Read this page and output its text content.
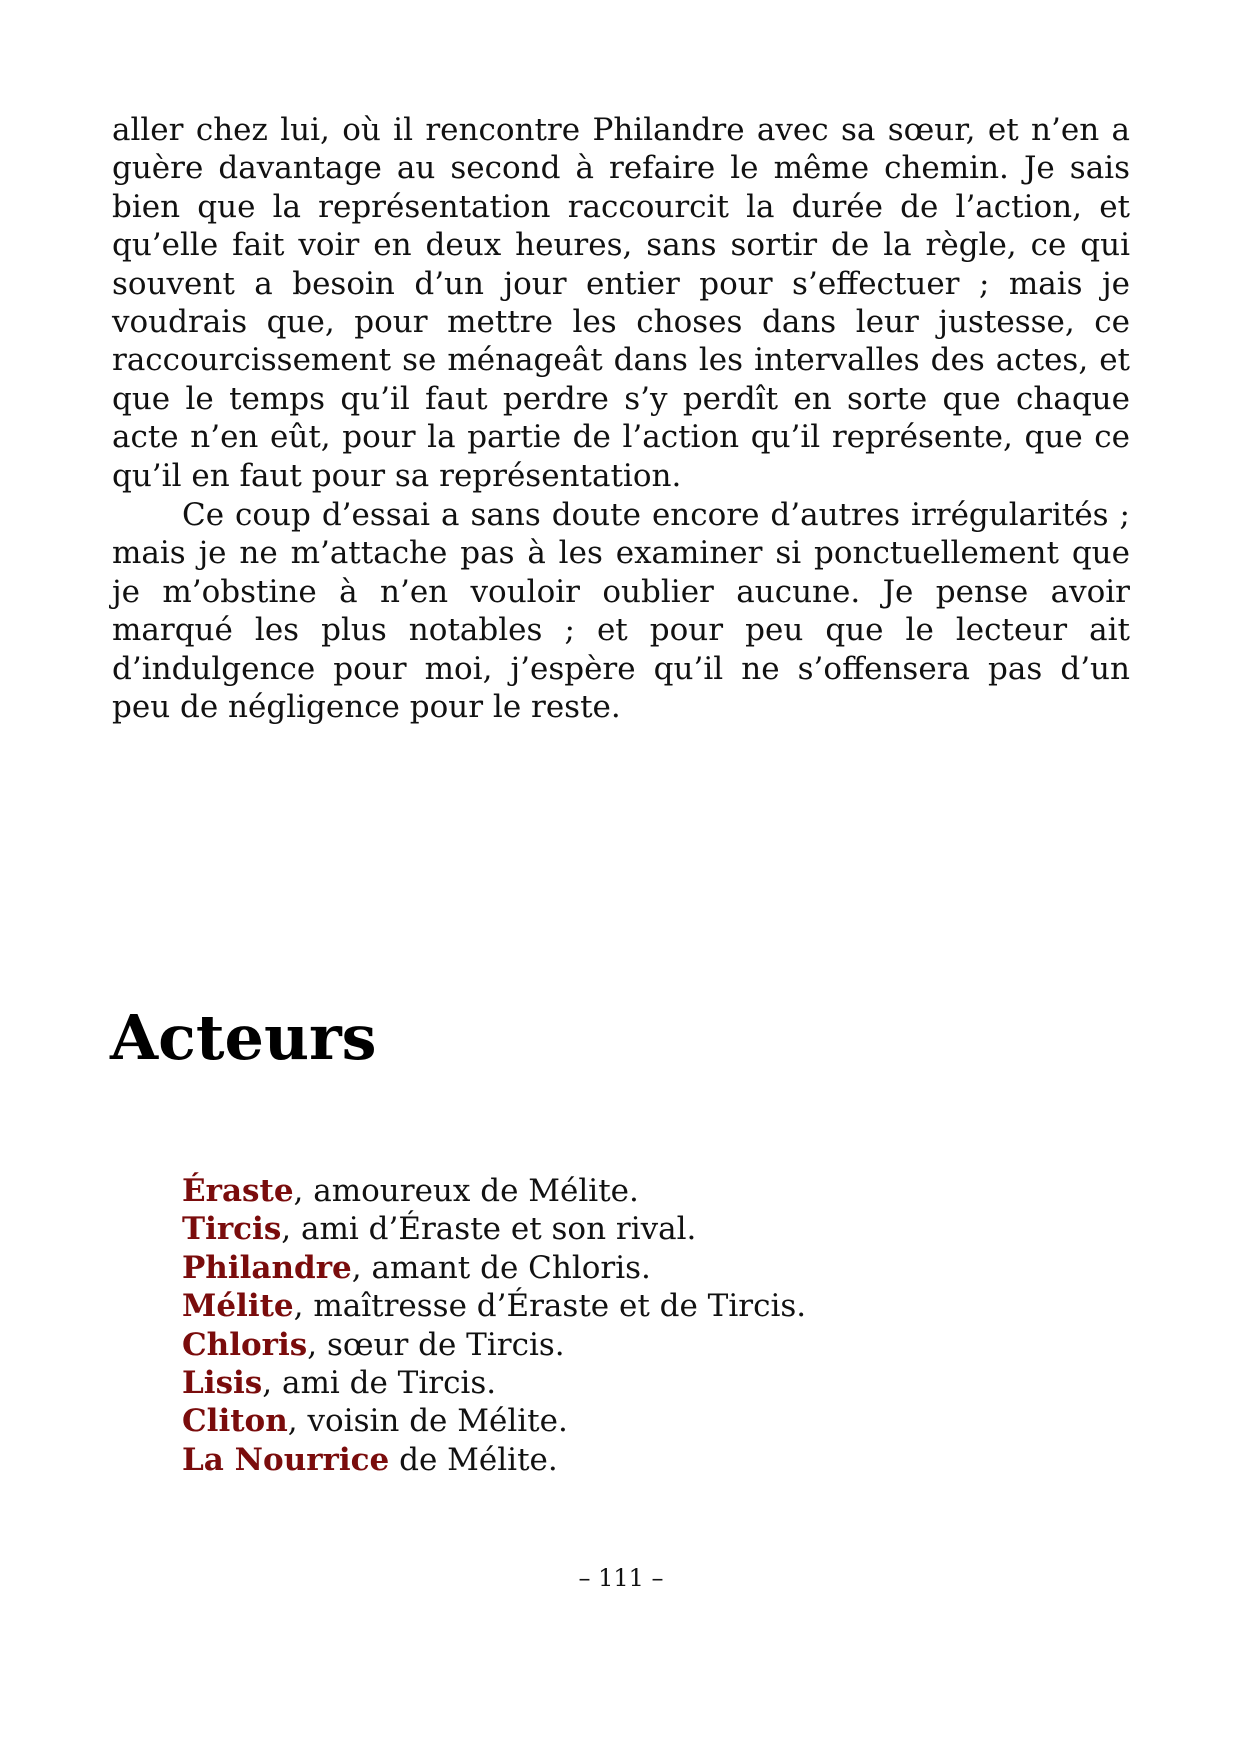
aller chez lui, où il rencontre Philandre avec sa sœur, et n’en a guère davantage au second à refaire le même chemin. Je sais bien que la représentation raccourcit la durée de l’action, et qu’elle fait voir en deux heures, sans sortir de la règle, ce qui souvent a besoin d’un jour entier pour s’effectuer ; mais je voudrais que, pour mettre les choses dans leur justesse, ce raccourcissement se ménageât dans les intervalles des actes, et que le temps qu’il faut perdre s’y perdît en sorte que chaque acte n’en eût, pour la partie de l’action qu’il représente, que ce qu’il en faut pour sa représentation.

Ce coup d’essai a sans doute encore d’autres irrégularités ; mais je ne m’attache pas à les examiner si ponctuellement que je m’obstine à n’en vouloir oublier aucune. Je pense avoir marqué les plus notables ; et pour peu que le lecteur ait d’indulgence pour moi, j’espère qu’il ne s’offensera pas d’un peu de négligence pour le reste.

Acteurs
Éraste, amoureux de Mélite.
Tircis, ami d’Éraste et son rival.
Philandre, amant de Chloris.
Mélite, maîtresse d’Éraste et de Tircis.
Chloris, sœur de Tircis.
Lisis, ami de Tircis.
Cliton, voisin de Mélite.
La Nourrice de Mélite.
– 111 –
